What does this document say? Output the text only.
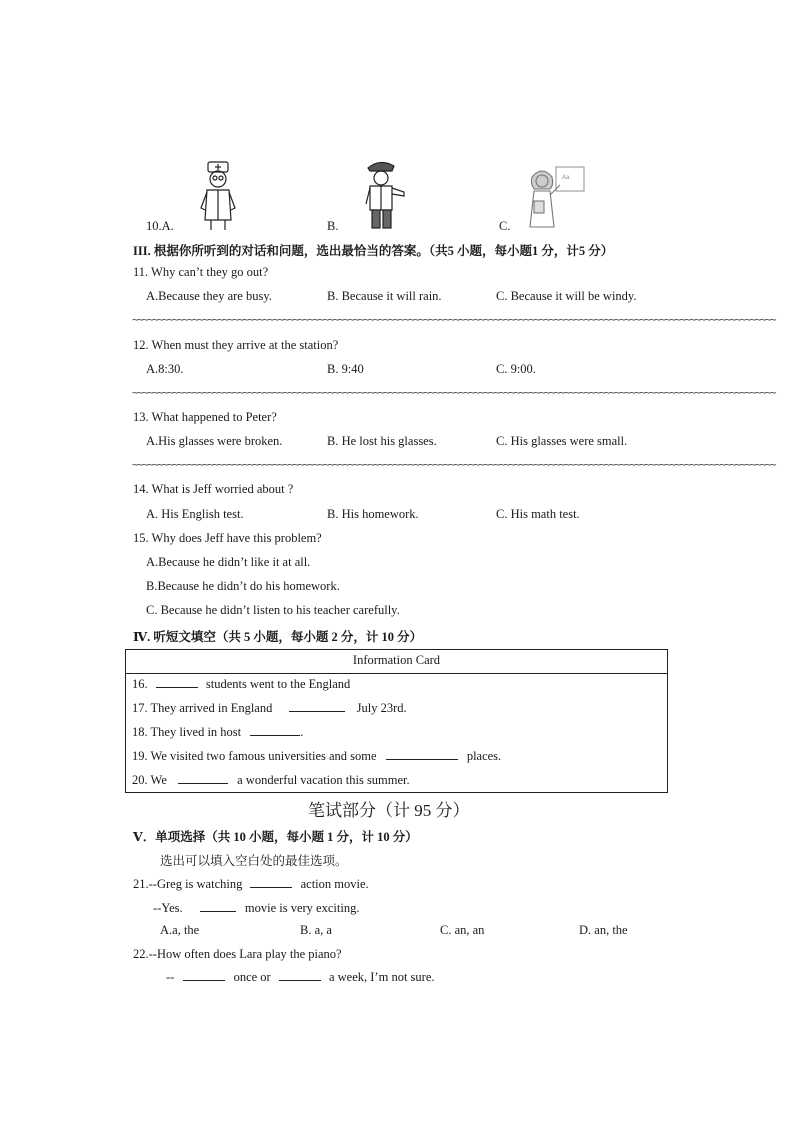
10.A.	B.	C.
Aa
III. 根据你所听到的对话和问题，选出最恰当的答案。（共5 小题，每小题1 分，计5 分）
11. Why can’t they go out?
A.Because they are busy.	B. Because it will rain.	C. Because it will be windy.
~~~~~~~~~~~~~~~~~~~~~~~~~~~~~~~~~~~~~~~~~~~~~~~~~~~~~~~~~~~~~~~~~~~~~~~~~~~~~~~~~~~~~~~~~~~~~~~~~~~~~~~~~~~~~~~~~~~~~~~~~~~~~~~~
12. When must they arrive at the station?
A.8:30.	B. 9:40	C. 9:00.
~~~~~~~~~~~~~~~~~~~~~~~~~~~~~~~~~~~~~~~~~~~~~~~~~~~~~~~~~~~~~~~~~~~~~~~~~~~~~~~~~~~~~~~~~~~~~~~~~~~~~~~~~~~~~~~~~~~~~~~~~~~~~~~~
13. What happened to Peter?
A.His glasses were broken.	B. He lost his glasses.	C. His glasses were small.
~~~~~~~~~~~~~~~~~~~~~~~~~~~~~~~~~~~~~~~~~~~~~~~~~~~~~~~~~~~~~~~~~~~~~~~~~~~~~~~~~~~~~~~~~~~~~~~~~~~~~~~~~~~~~~~~~~~~~~~~~~~~~~~~
14. What is Jeff worried about ?
A. His English test.	B. His homework.	C. His math test.
15. Why does Jeff have this problem?
A.Because he didn’t like it at all.
B.Because he didn’t do his homework.
C. Because he didn’t listen to his teacher carefully.
Ⅳ. 听短文填空（共 5 小题，每小题 2 分，计 10 分）
Information Card
16.	students went to the England
17. They arrived in England	July 23rd.
18. They lived in host	.
19. We visited two famous universities and some	places.
20. We	a wonderful vacation this summer.
笔试部分（计 95 分）
Ⅴ．单项选择（共 10 小题，每小题 1 分，计 10 分）
选出可以填入空白处的最佳选项。
21.--Greg is watching	action movie.
--Yes.	movie is very exciting.
A.a, the	B. a, a	C. an, an	D. an, the
22.--How often does Lara play the piano?
--	once or	a week, I’m not sure.
